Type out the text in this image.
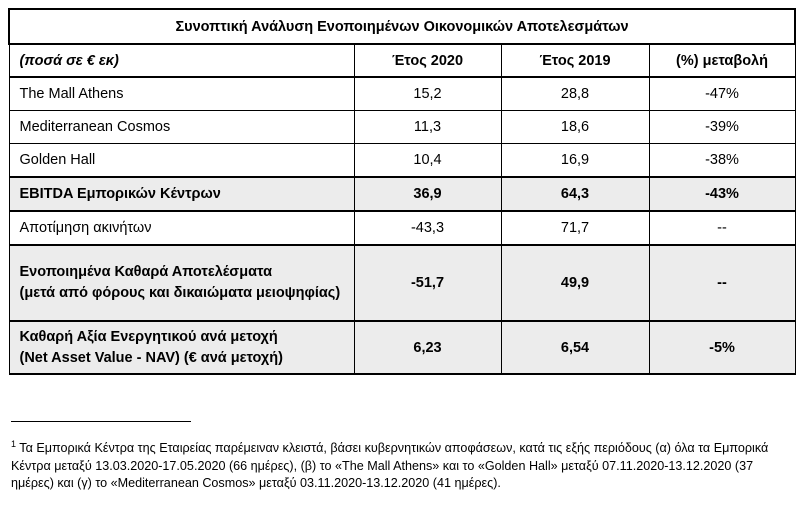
Συνοπτική Ανάλυση Ενοποιημένων Οικονομικών Αποτελεσμάτων			
(ποσά σε € εκ)	Έτος 2020	Έτος 2019	(%) μεταβολή
The Mall Athens	15,2	28,8	-47%
Mediterranean Cosmos	11,3	18,6	-39%
Golden Hall	10,4	16,9	-38%
EBITDA Εμπορικών Κέντρων	36,9	64,3	-43%
Αποτίμηση ακινήτων	-43,3	71,7	--
Ενοποιημένα Καθαρά Αποτελέσματα
(μετά από φόρους και δικαιώματα μειοψηφίας)	-51,7	49,9	--
Καθαρή Αξία Ενεργητικού ανά μετοχή
(Net Asset Value - NAV) (€ ανά μετοχή)	6,23	6,54	-5%
$^1$ Τα Εμπορικά Κέντρα της Εταιρείας παρέμειναν κλειστά, βάσει κυβερνητικών αποφάσεων, κατά τις εξής περιόδους (α) όλα τα Εμπορικά Κέντρα μεταξύ 13.03.2020-17.05.2020 (66 ημέρες), (β) το «The Mall Athens» και το «Golden Hall» μεταξύ 07.11.2020-13.12.2020 (37 ημέρες) και (γ) το «Mediterranean Cosmos» μεταξύ 03.11.2020-13.12.2020 (41 ημέρες).
